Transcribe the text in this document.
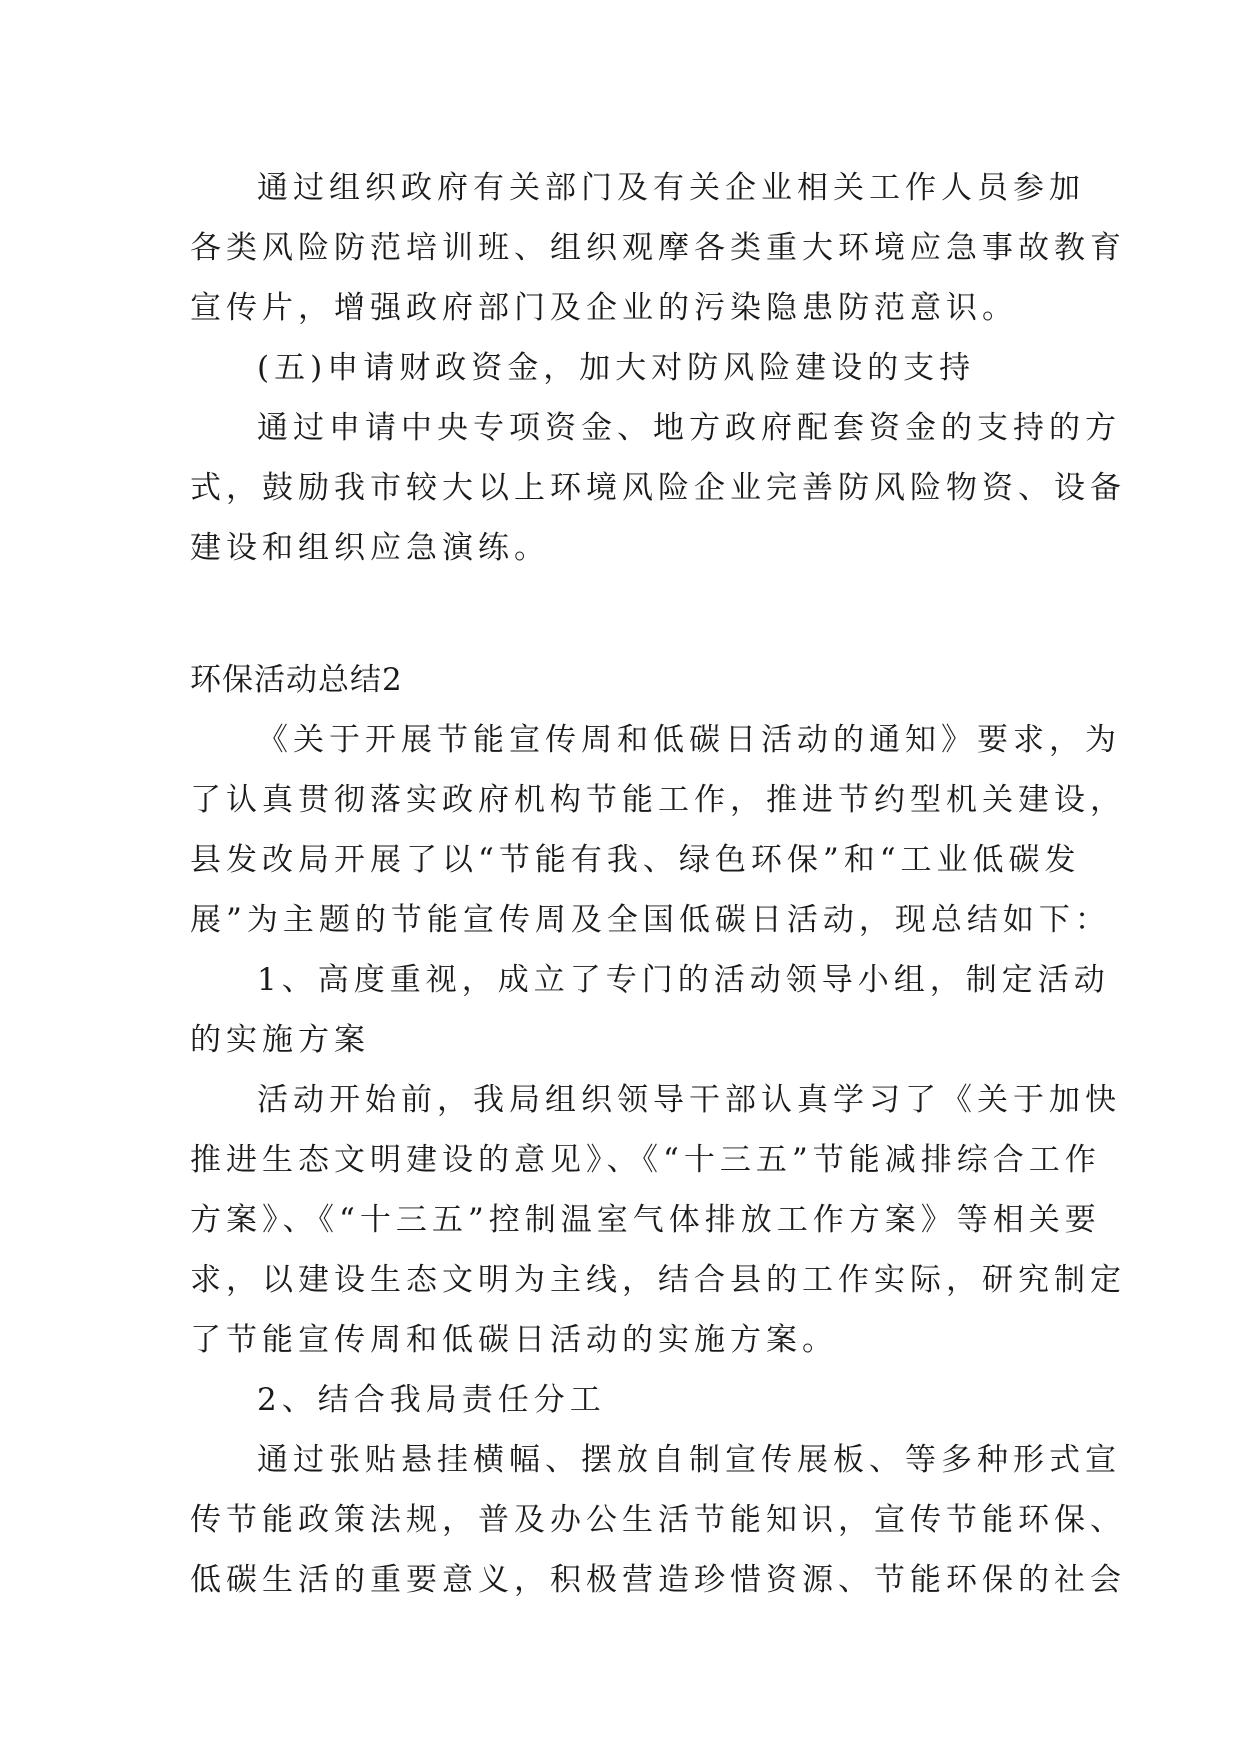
通过组织政府有关部门及有关企业相关工作人员参加
各类风险防范培训班、组织观摩各类重大环境应急事故教育
宣传片，增强政府部门及企业的污染隐患防范意识。
(五)申请财政资金，加大对防风险建设的支持
通过申请中央专项资金、地方政府配套资金的支持的方
式，鼓励我市较大以上环境风险企业完善防风险物资、设备
建设和组织应急演练。
环保活动总结2
《关于开展节能宣传周和低碳日活动的通知》要求，为
了认真贯彻落实政府机构节能工作，推进节约型机关建设，
县发改局开展了以“节能有我、绿色环保”和“工业低碳发
展”为主题的节能宣传周及全国低碳日活动，现总结如下：
1、高度重视，成立了专门的活动领导小组，制定活动
的实施方案
活动开始前，我局组织领导干部认真学习了《关于加快
推进生态文明建设的意见》、《“十三五”节能减排综合工作
方案》、《“十三五”控制温室气体排放工作方案》等相关要
求，以建设生态文明为主线，结合县的工作实际，研究制定
了节能宣传周和低碳日活动的实施方案。
2、结合我局责任分工
通过张贴悬挂横幅、摆放自制宣传展板、等多种形式宣
传节能政策法规，普及办公生活节能知识，宣传节能环保、
低碳生活的重要意义，积极营造珍惜资源、节能环保的社会
